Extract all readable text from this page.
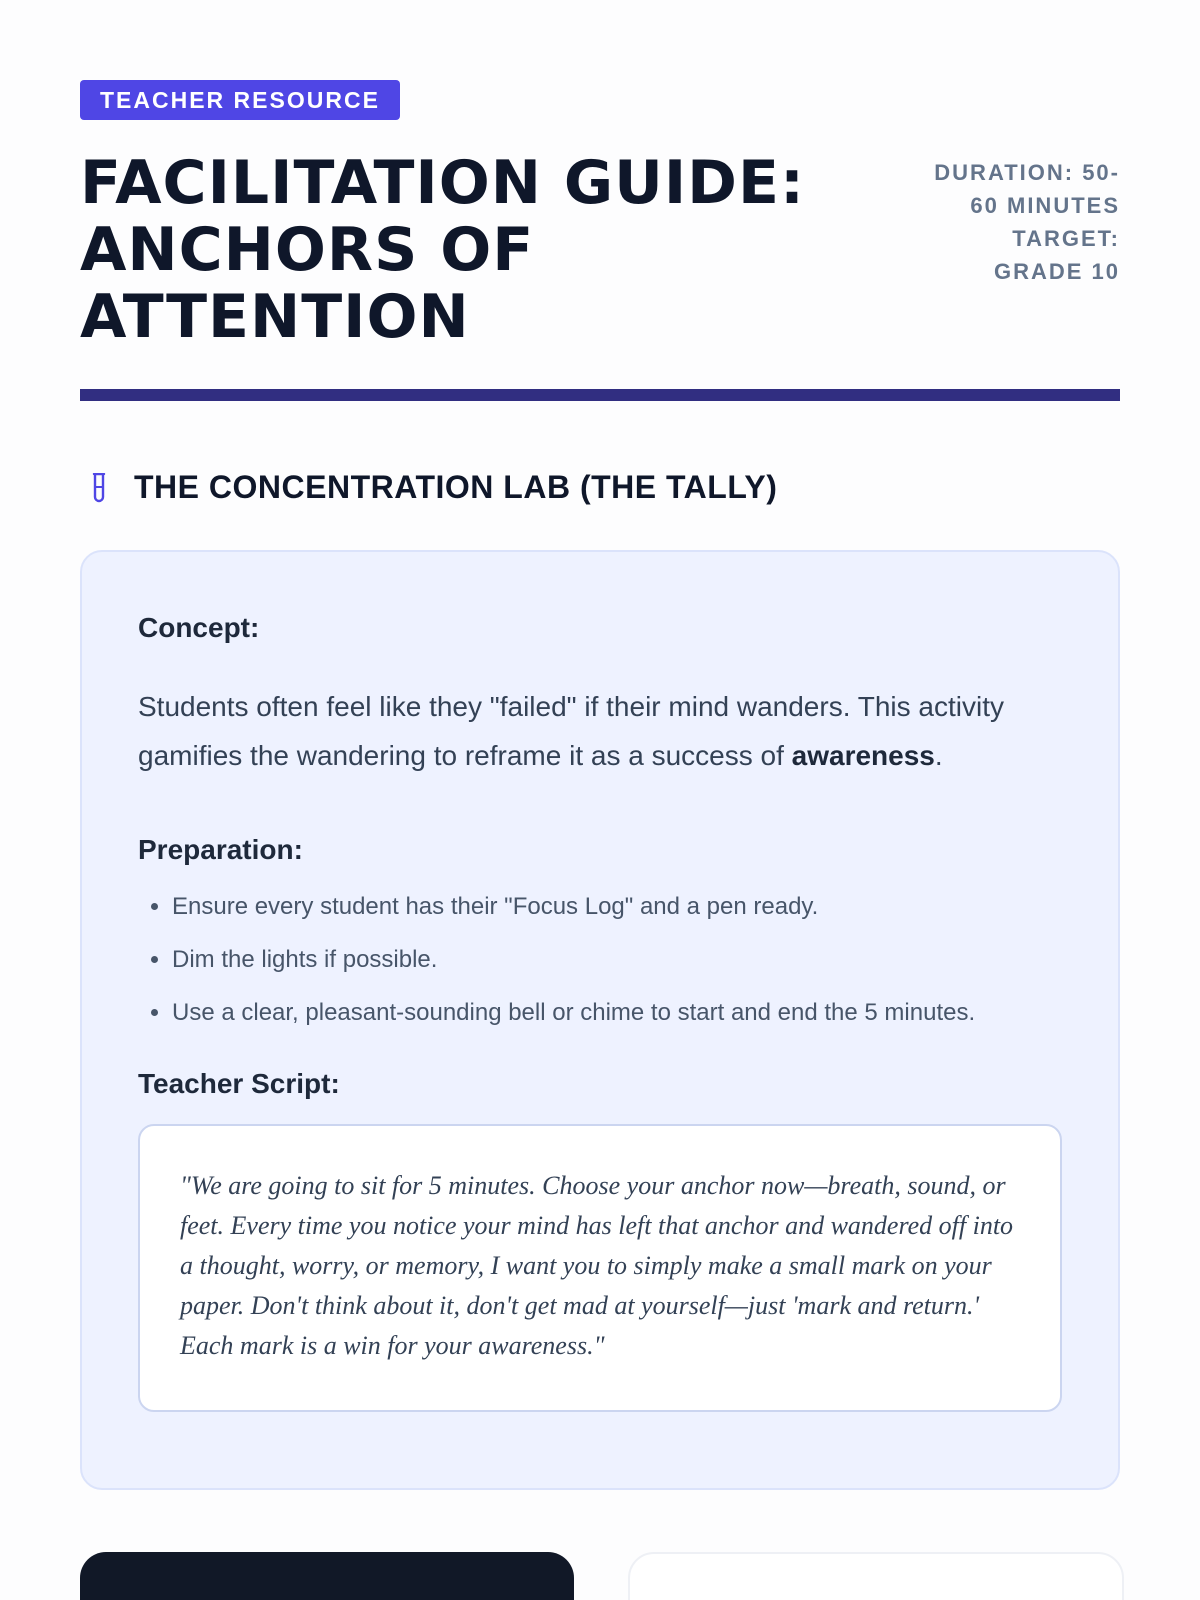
TEACHER RESOURCE
FACILITATION GUIDE:
ANCHORS OF ATTENTION
DURATION: 50-
60 MINUTES
TARGET:
GRADE 10
THE CONCENTRATION LAB (THE TALLY)

Concept:

Students often feel like they "failed" if their mind wanders. This activity gamifies the wandering to reframe it as a success of awareness.

Preparation:

• Ensure every student has their "Focus Log" and a pen ready.
• Dim the lights if possible.
• Use a clear, pleasant-sounding bell or chime to start and end the 5 minutes.

Teacher Script:

"We are going to sit for 5 minutes. Choose your anchor now—breath, sound, or feet. Every time you notice your mind has left that anchor and wandered off into a thought, worry, or memory, I want you to simply make a small mark on your paper. Don't think about it, don't get mad at yourself—just 'mark and return.' Each mark is a win for your awareness."
